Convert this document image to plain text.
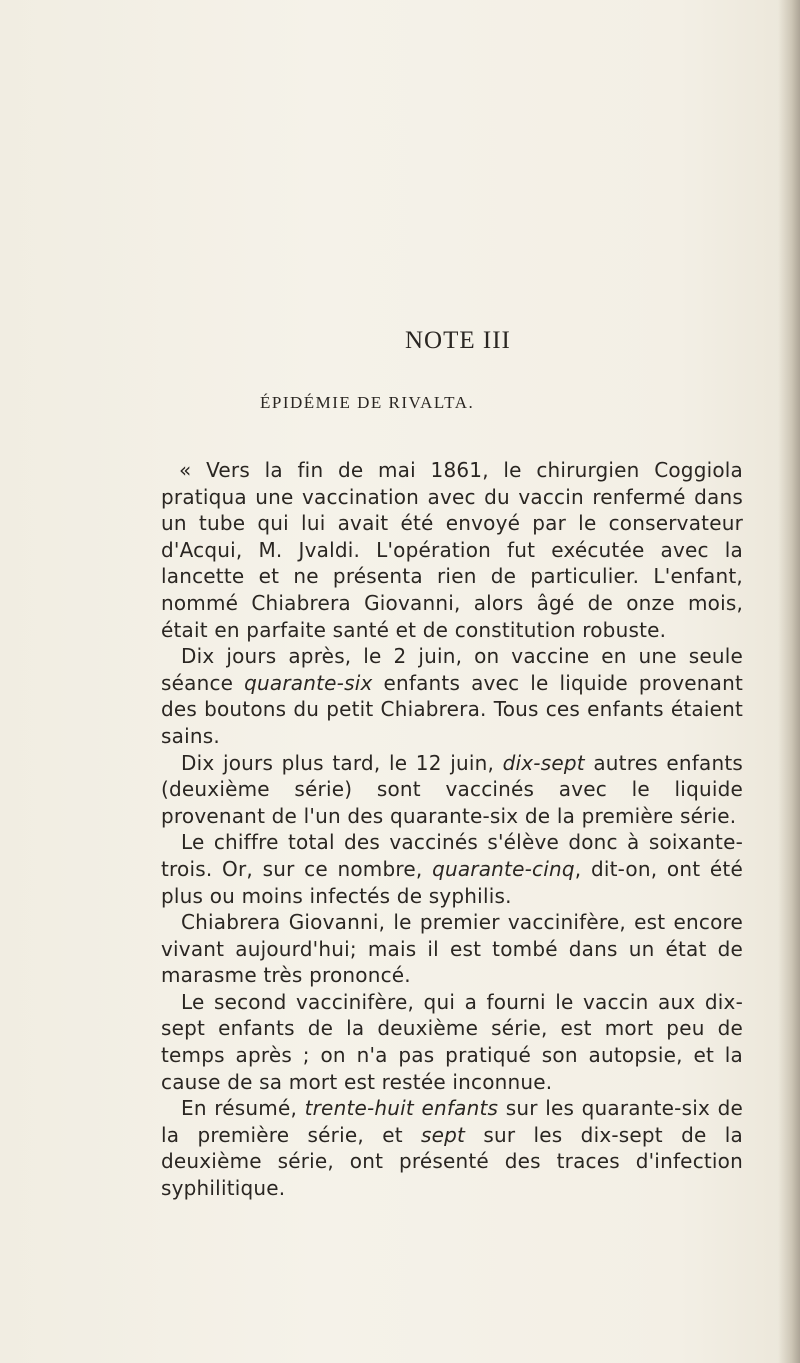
NOTE III
ÉPIDÉMIE DE RIVALTA.

« Vers la fin de mai 1861, le chirurgien Coggiola pratiqua une vaccination avec du vaccin renfermé dans un tube qui lui avait été envoyé par le conservateur d'Acqui, M. Jvaldi. L'opération fut exécutée avec la lancette et ne présenta rien de particulier. L'enfant, nommé Chiabrera Giovanni, alors âgé de onze mois, était en parfaite santé et de constitution robuste.

Dix jours après, le 2 juin, on vaccine en une seule séance quarante-six enfants avec le liquide provenant des boutons du petit Chiabrera. Tous ces enfants étaient sains.

Dix jours plus tard, le 12 juin, dix-sept autres enfants (deuxième série) sont vaccinés avec le liquide provenant de l'un des quarante-six de la première série.

Le chiffre total des vaccinés s'élève donc à soixante-trois. Or, sur ce nombre, quarante-cinq, dit-on, ont été plus ou moins infectés de syphilis.

Chiabrera Giovanni, le premier vaccinifère, est encore vivant aujourd'hui; mais il est tombé dans un état de marasme très prononcé.

Le second vaccinifère, qui a fourni le vaccin aux dix-sept enfants de la deuxième série, est mort peu de temps après ; on n'a pas pratiqué son autopsie, et la cause de sa mort est restée inconnue.

En résumé, trente-huit enfants sur les quarante-six de la première série, et sept sur les dix-sept de la deuxième série, ont présenté des traces d'infection syphilitique.
